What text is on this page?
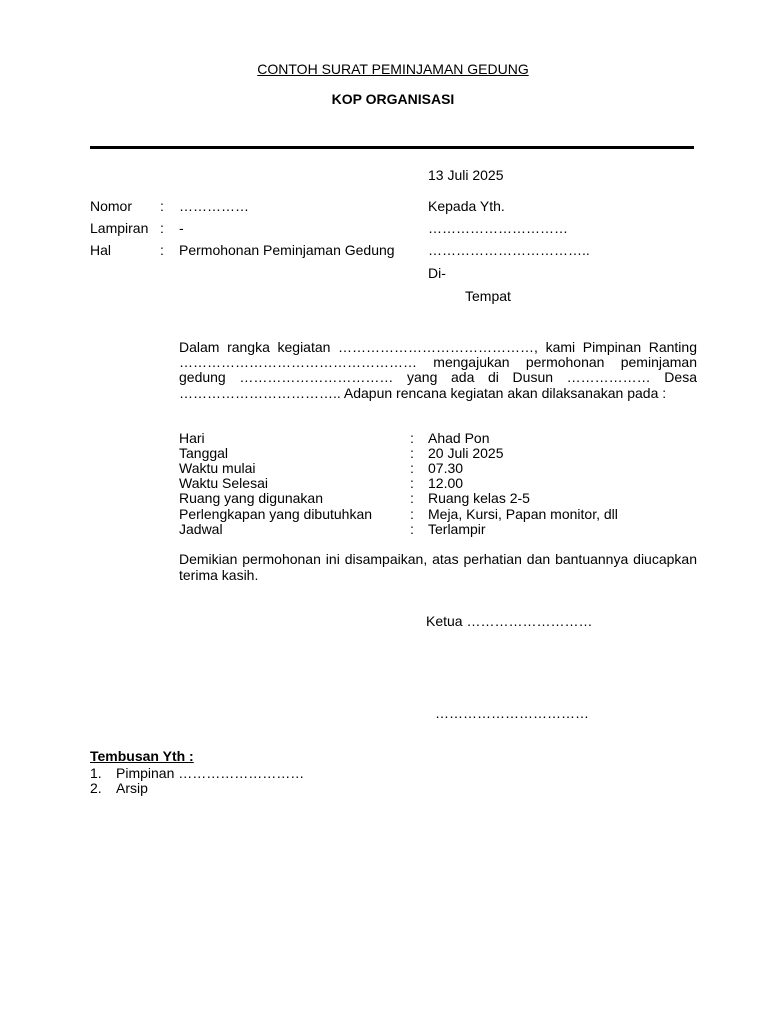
CONTOH SURAT PEMINJAMAN GEDUNG
KOP ORGANISASI
13 Juli 2025
Nomor	:	……………
Lampiran :	-
Hal	:	Permohonan Peminjaman Gedung
Kepada Yth.
…………………………
……………………………..
Di-
Tempat
Dalam rangka kegiatan ……………………………………, kami Pimpinan Ranting …………………………………………… mengajukan permohonan peminjaman gedung …………………………… yang ada di Dusun ……………… Desa …………………………….. Adapun rencana kegiatan akan dilaksanakan pada :
Hari	:	Ahad Pon
Tanggal	:	20 Juli 2025
Waktu mulai	:	07.30
Waktu Selesai	:	12.00
Ruang yang digunakan	:	Ruang kelas 2-5
Perlengkapan yang dibutuhkan	:	Meja, Kursi, Papan monitor, dll
Jadwal	:	Terlampir
Demikian permohonan ini disampaikan, atas perhatian dan bantuannya diucapkan terima kasih.
Ketua ………………………
……………………………
Tembusan Yth :
1.	Pimpinan ………………………
2.	Arsip
